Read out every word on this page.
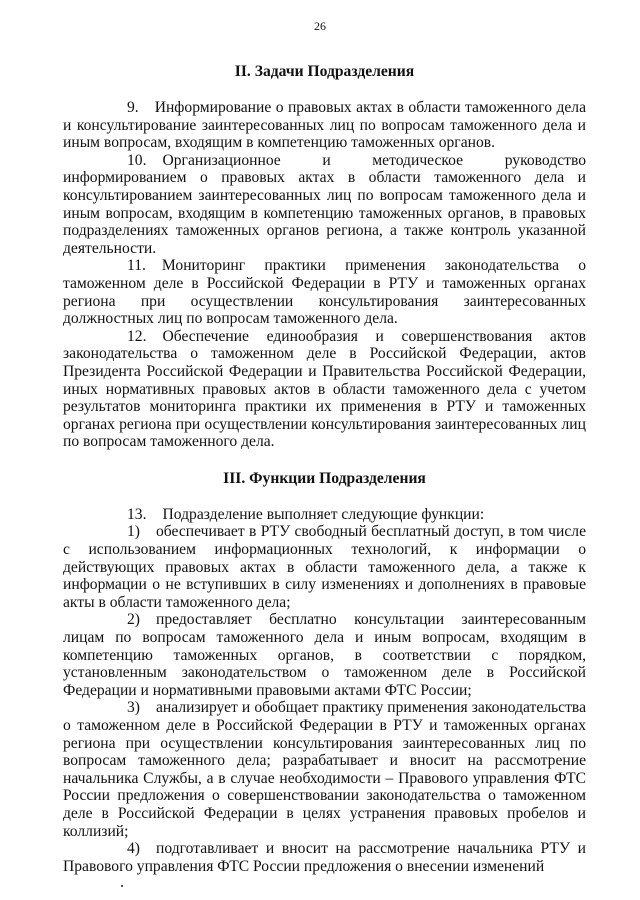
26
II. Задачи Подразделения

9. Информирование о правовых актах в области таможенного дела и консультирование заинтересованных лиц по вопросам таможенного дела и иным вопросам, входящим в компетенцию таможенных органов.

10. Организационное и методическое руководство информированием о правовых актах в области таможенного дела и консультированием заинтересованных лиц по вопросам таможенного дела и иным вопросам, входящим в компетенцию таможенных органов, в правовых подразделениях таможенных органов региона, а также контроль указанной деятельности.

11. Мониторинг практики применения законодательства о таможенном деле в Российской Федерации в РТУ и таможенных органах региона при осуществлении консультирования заинтересованных должностных лиц по вопросам таможенного дела.

12. Обеспечение единообразия и совершенствования актов законодательства о таможенном деле в Российской Федерации, актов Президента Российской Федерации и Правительства Российской Федерации, иных нормативных правовых актов в области таможенного дела с учетом результатов мониторинга практики их применения в РТУ и таможенных органах региона при осуществлении консультирования заинтересованных лиц по вопросам таможенного дела.

III. Функции Подразделения

13. Подразделение выполняет следующие функции:

1) обеспечивает в РТУ свободный бесплатный доступ, в том числе с использованием информационных технологий, к информации о действующих правовых актах в области таможенного дела, а также к информации о не вступивших в силу изменениях и дополнениях в правовые акты в области таможенного дела;

2) предоставляет бесплатно консультации заинтересованным лицам по вопросам таможенного дела и иным вопросам, входящим в компетенцию таможенных органов, в соответствии с порядком, установленным законодательством о таможенном деле в Российской Федерации и нормативными правовыми актами ФТС России;

3) анализирует и обобщает практику применения законодательства о таможенном деле в Российской Федерации в РТУ и таможенных органах региона при осуществлении консультирования заинтересованных лиц по вопросам таможенного дела; разрабатывает и вносит на рассмотрение начальника Службы, а в случае необходимости – Правового управления ФТС России предложения о совершенствовании законодательства о таможенном деле в Российской Федерации в целях устранения правовых пробелов и коллизий;

4) подготавливает и вносит на рассмотрение начальника РТУ и Правового управления ФТС России предложения о внесении изменений
